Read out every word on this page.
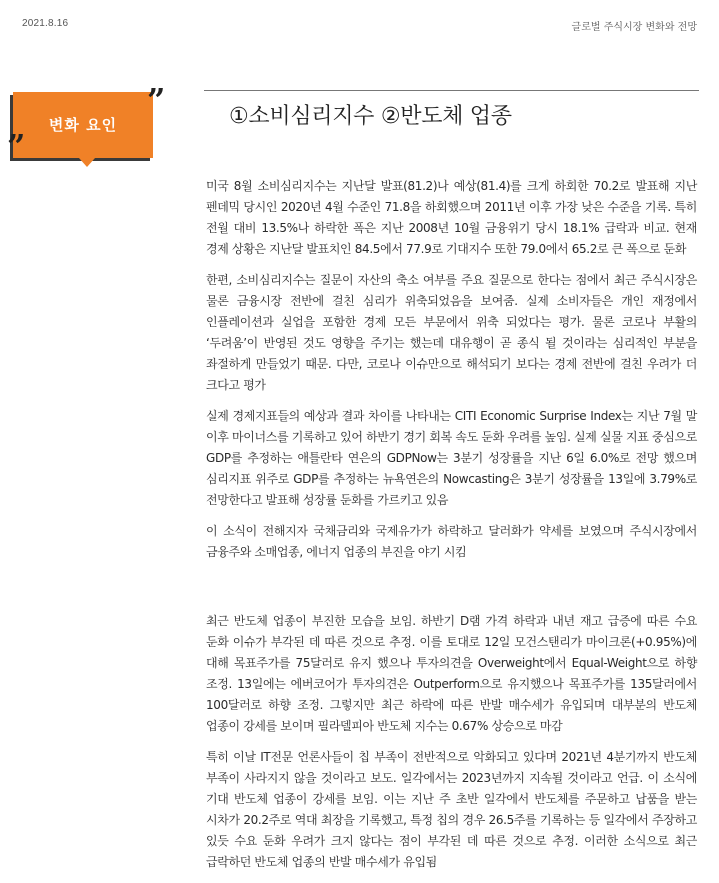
2021.8.16	글로벌 주식시장 변화와 전망
변화 요인
”
”
①소비심리지수 ②반도체 업종

미국 8월 소비심리지수는 지난달 발표(81.2)나 예상(81.4)를 크게 하회한 70.2로 발표해 지난 펜데믹 당시인 2020년 4월 수준인 71.8을 하회했으며 2011년 이후 가장 낮은 수준을 기록. 특히 전월 대비 13.5%나 하락한 폭은 지난 2008년 10월 금융위기 당시 18.1% 급락과 비교. 현재 경제 상황은 지난달 발표치인 84.5에서 77.9로 기대지수 또한 79.0에서 65.2로 큰 폭으로 둔화

한편, 소비심리지수는 질문이 자산의 축소 여부를 주요 질문으로 한다는 점에서 최근 주식시장은 물론 금융시장 전반에 걸친 심리가 위축되었음을 보여줌. 실제 소비자들은 개인 재정에서 인플레이션과 실업을 포함한 경제 모든 부문에서 위축 되었다는 평가. 물론 코로나 부활의 ‘두려움’이 반영된 것도 영향을 주기는 했는데 대유행이 곧 종식 될 것이라는 심리적인 부분을 좌절하게 만들었기 때문. 다만, 코로나 이슈만으로 해석되기 보다는 경제 전반에 걸친 우려가 더 크다고 평가

실제 경제지표들의 예상과 결과 차이를 나타내는 CITI Economic Surprise Index는 지난 7월 말 이후 마이너스를 기록하고 있어 하반기 경기 회복 속도 둔화 우려를 높임. 실제 실물 지표 중심으로 GDP를 추정하는 애틀란타 연은의 GDPNow는 3분기 성장률을 지난 6일 6.0%로 전망 했으며 심리지표 위주로 GDP를 추정하는 뉴욕연은의 Nowcasting은 3분기 성장률을 13일에 3.79%로 전망한다고 발표해 성장률 둔화를 가르키고 있음

이 소식이 전해지자 국채금리와 국제유가가 하락하고 달러화가 약세를 보였으며 주식시장에서 금융주와 소매업종, 에너지 업종의 부진을 야기 시킴

최근 반도체 업종이 부진한 모습을 보임. 하반기 D램 가격 하락과 내년 재고 급증에 따른 수요 둔화 이슈가 부각된 데 따른 것으로 추정. 이를 토대로 12일 모건스탠리가 마이크론(+0.95%)에 대해 목표주가를 75달러로 유지 했으나 투자의견을 Overweight에서 Equal-Weight으로 하향 조정. 13일에는 에버코어가 투자의견은 Outperform으로 유지했으나 목표주가를 135달러에서 100달러로 하향 조정. 그렇지만 최근 하락에 따른 반발 매수세가 유입되며 대부분의 반도체 업종이 강세를 보이며 필라델피아 반도체 지수는 0.67% 상승으로 마감

특히 이날 IT전문 언론사들이 칩 부족이 전반적으로 악화되고 있다며 2021년 4분기까지 반도체 부족이 사라지지 않을 것이라고 보도. 일각에서는 2023년까지 지속될 것이라고 언급. 이 소식에 기대 반도체 업종이 강세를 보임. 이는 지난 주 초반 일각에서 반도체를 주문하고 납품을 받는 시차가 20.2주로 역대 최장을 기록했고, 특정 칩의 경우 26.5주를 기록하는 등 일각에서 주장하고 있듯 수요 둔화 우려가 크지 않다는 점이 부각된 데 따른 것으로 추정. 이러한 소식으로 최근 급락하던 반도체 업종의 반발 매수세가 유입됨
